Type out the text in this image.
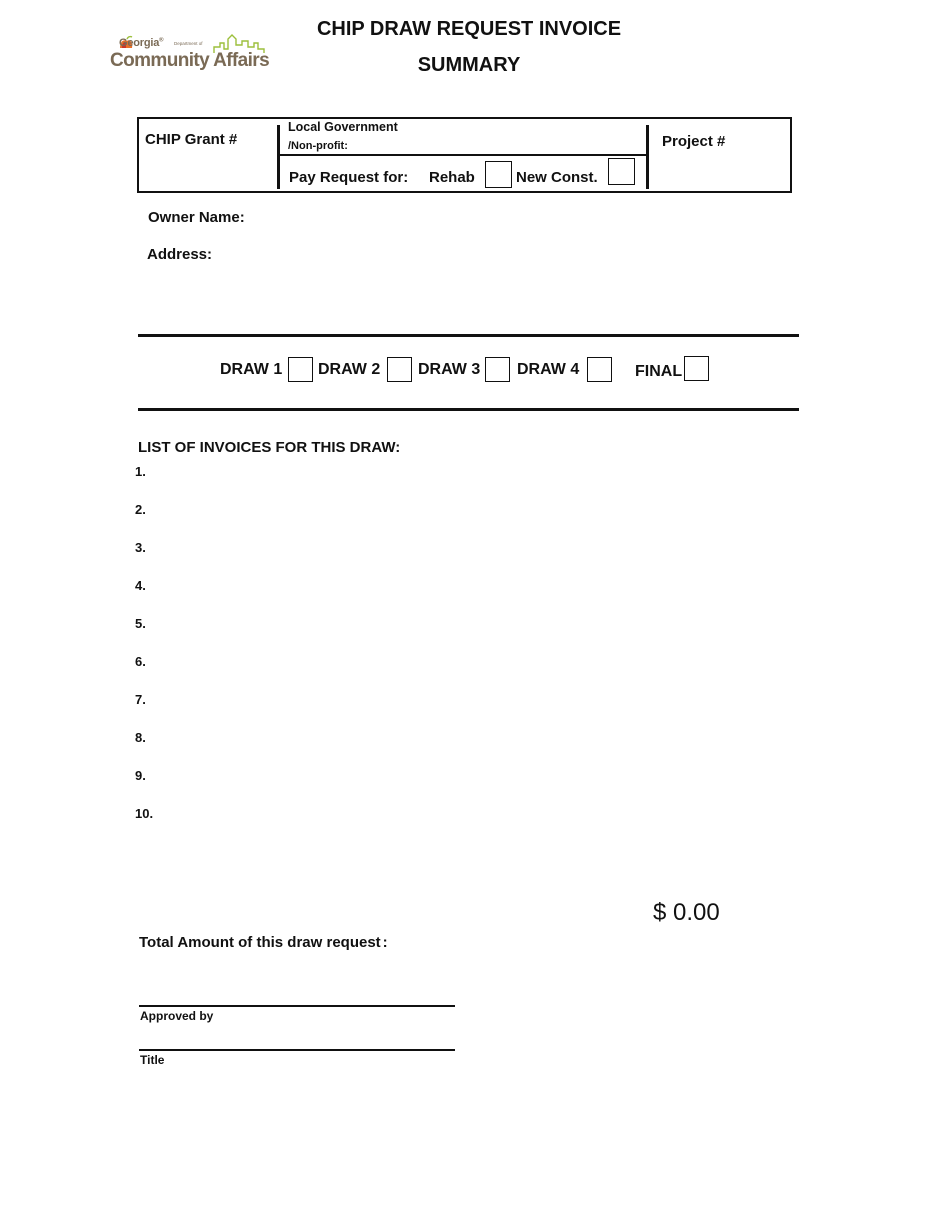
Georgia®
Department of
Community Affairs
CHIP DRAW REQUEST INVOICE
SUMMARY
CHIP Grant #
Local Government
/Non-profit:
Pay Request for: Rehab	New Const.
Project #
Owner Name:
Address:
DRAW 1 DRAW 2 DRAW 3 DRAW 4	FINAL
LIST OF INVOICES FOR THIS DRAW:
1.
2.
3.
4.
5.
6.
7.
8.
9.
10.
$ 0.00
Total Amount of this draw request :
Approved by
Title
